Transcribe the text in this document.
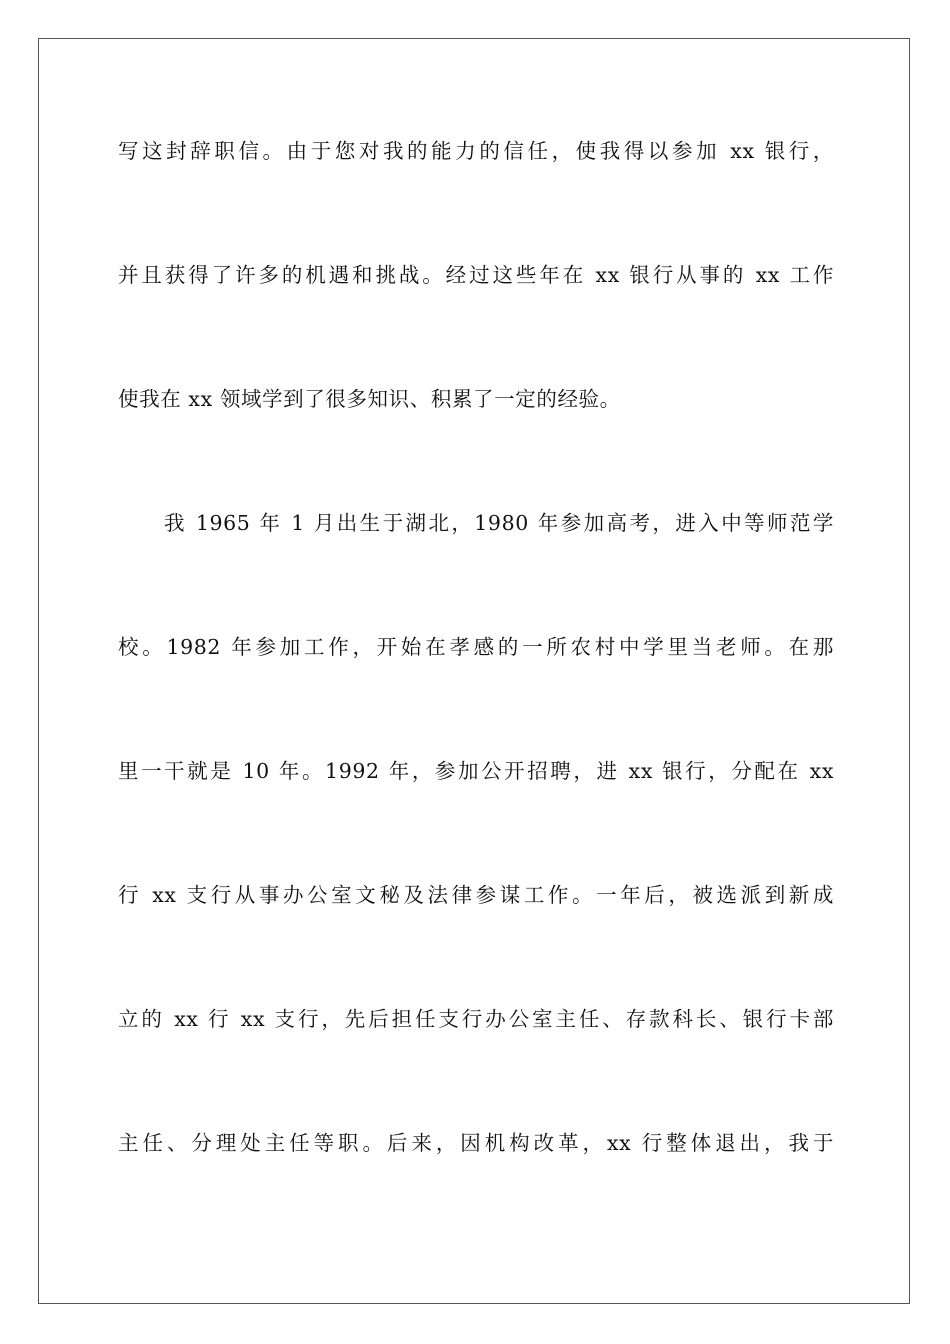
写这封辞职信。由于您对我的能力的信任，使我得以参加 xx 银行，
并且获得了许多的机遇和挑战。经过这些年在 xx 银行从事的 xx 工作
使我在 xx 领域学到了很多知识、积累了一定的经验。
我 1965 年 1 月出生于湖北，1980 年参加高考，进入中等师范学
校。1982 年参加工作，开始在孝感的一所农村中学里当老师。在那
里一干就是 10 年。1992 年，参加公开招聘，进 xx 银行，分配在 xx
行 xx 支行从事办公室文秘及法律参谋工作。一年后，被选派到新成
立的 xx 行 xx 支行，先后担任支行办公室主任、存款科长、银行卡部
主任、分理处主任等职。后来，因机构改革，xx 行整体退出，我于
